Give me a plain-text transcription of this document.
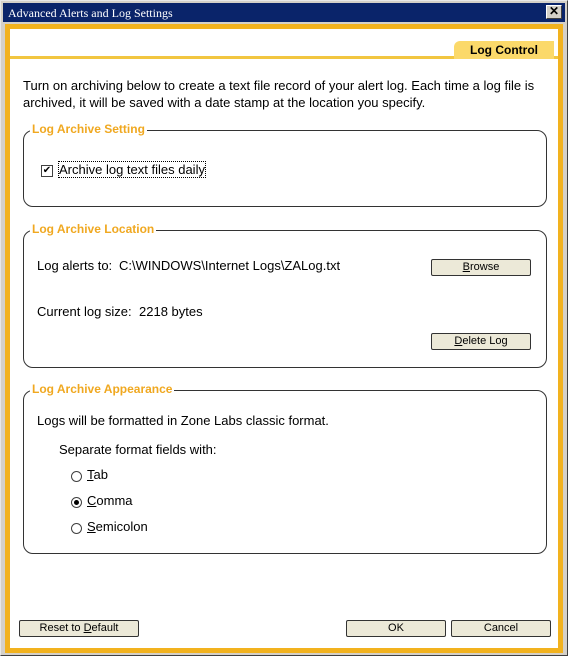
Advanced Alerts and Log Settings	✕
Log Control
Turn on archiving below to create a text file record of your alert log. Each time a log file is archived, it will be saved with a date stamp at the location you specify.
Log Archive Setting
✔ Archive log text files daily
Log Archive Location
Log alerts to: C:\WINDOWS\Internet Logs\ZALog.txt	Browse
Current log size: 2218 bytes
Delete Log
Log Archive Appearance
Logs will be formatted in Zone Labs classic format.
Separate format fields with:
Tab
Comma
Semicolon
Reset to Default	OK	Cancel
